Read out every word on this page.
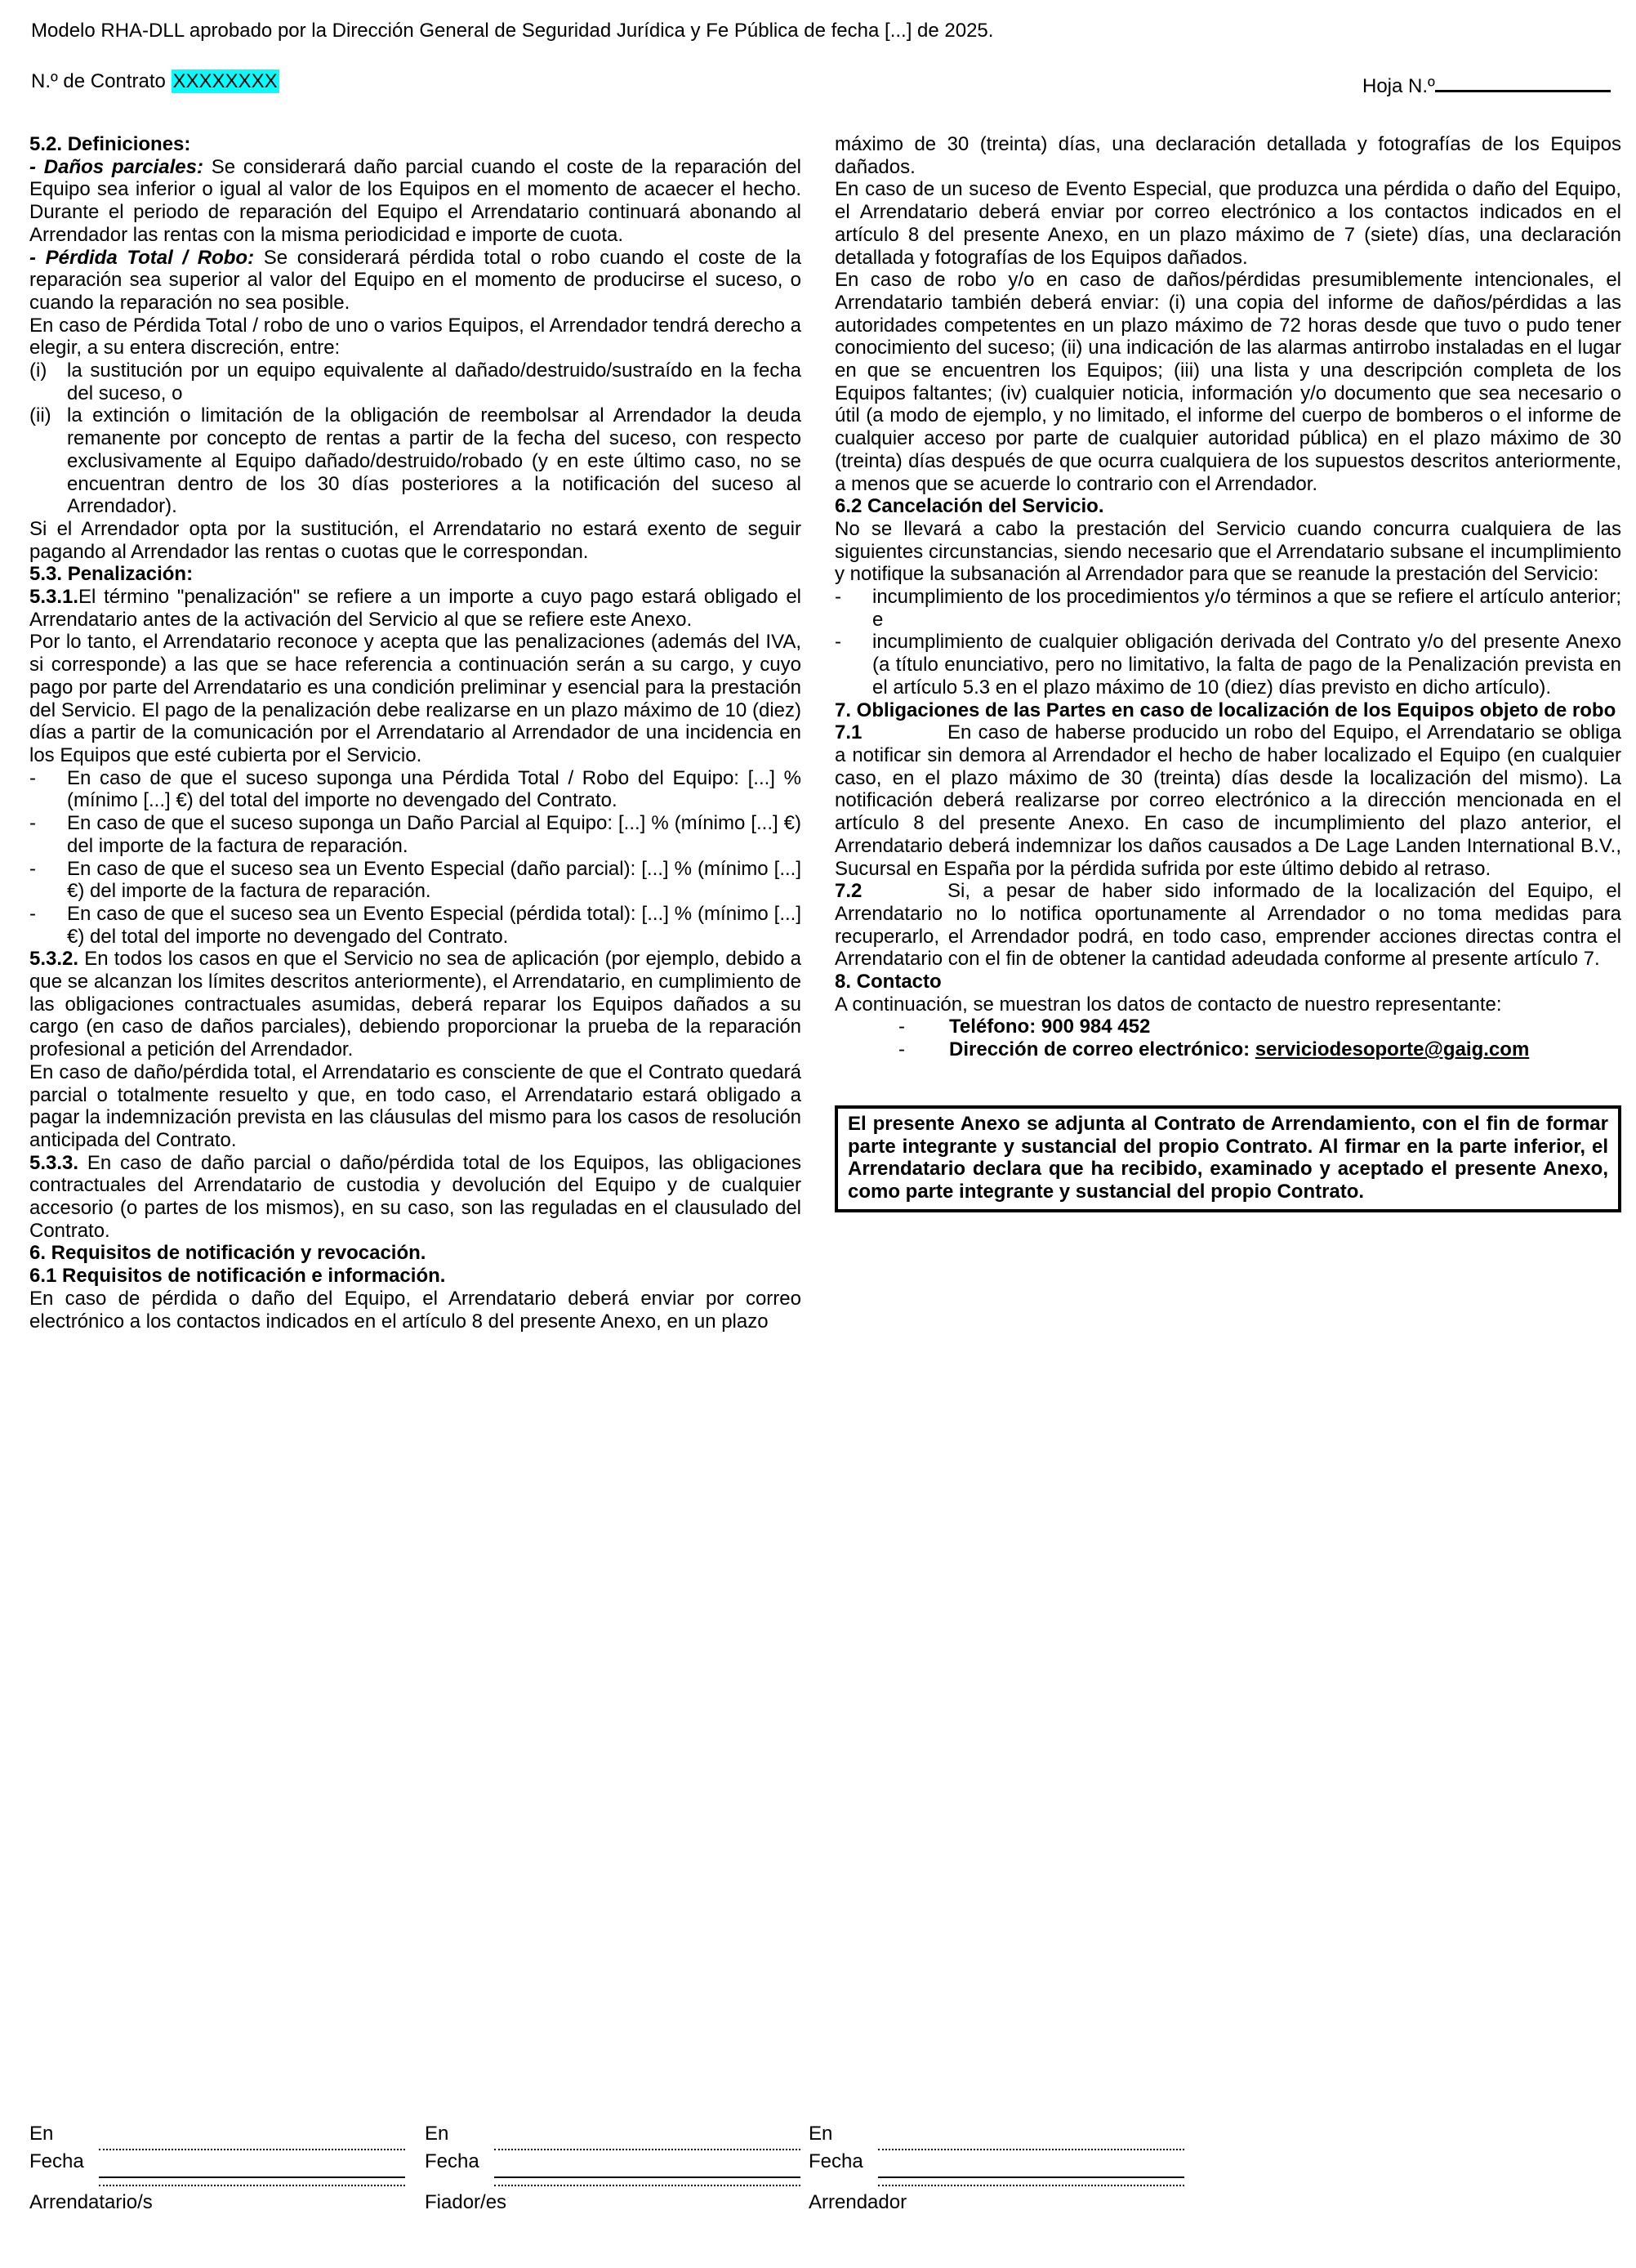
Modelo RHA-DLL aprobado por la Dirección General de Seguridad Jurídica y Fe Pública de fecha [...] de 2025.
N.º de Contrato XXXXXXXX	Hoja N.º
5.2. Definiciones:
- Daños parciales: Se considerará daño parcial cuando el coste de la reparación del Equipo sea inferior o igual al valor de los Equipos en el momento de acaecer el hecho. Durante el periodo de reparación del Equipo el Arrendatario continuará abonando al Arrendador las rentas con la misma periodicidad e importe de cuota.
- Pérdida Total / Robo: Se considerará pérdida total o robo cuando el coste de la reparación sea superior al valor del Equipo en el momento de producirse el suceso, o cuando la reparación no sea posible.
En caso de Pérdida Total / robo de uno o varios Equipos, el Arrendador tendrá derecho a elegir, a su entera discreción, entre:
(i) la sustitución por un equipo equivalente al dañado/destruido/sustraído en la fecha del suceso, o
(ii) la extinción o limitación de la obligación de reembolsar al Arrendador la deuda remanente por concepto de rentas a partir de la fecha del suceso, con respecto exclusivamente al Equipo dañado/destruido/robado (y en este último caso, no se encuentran dentro de los 30 días posteriores a la notificación del suceso al Arrendador).
Si el Arrendador opta por la sustitución, el Arrendatario no estará exento de seguir pagando al Arrendador las rentas o cuotas que le correspondan.
5.3. Penalización:
5.3.1.El término "penalización" se refiere a un importe a cuyo pago estará obligado el Arrendatario antes de la activación del Servicio al que se refiere este Anexo.
Por lo tanto, el Arrendatario reconoce y acepta que las penalizaciones (además del IVA, si corresponde) a las que se hace referencia a continuación serán a su cargo, y cuyo pago por parte del Arrendatario es una condición preliminar y esencial para la prestación del Servicio. El pago de la penalización debe realizarse en un plazo máximo de 10 (diez) días a partir de la comunicación por el Arrendatario al Arrendador de una incidencia en los Equipos que esté cubierta por el Servicio.
- En caso de que el suceso suponga una Pérdida Total / Robo del Equipo: [...] % (mínimo [...] €) del total del importe no devengado del Contrato.
- En caso de que el suceso suponga un Daño Parcial al Equipo: [...] % (mínimo [...] €) del importe de la factura de reparación.
- En caso de que el suceso sea un Evento Especial (daño parcial): [...] % (mínimo [...] €) del importe de la factura de reparación.
- En caso de que el suceso sea un Evento Especial (pérdida total): [...] % (mínimo [...] €) del total del importe no devengado del Contrato.
5.3.2. En todos los casos en que el Servicio no sea de aplicación (por ejemplo, debido a que se alcanzan los límites descritos anteriormente), el Arrendatario, en cumplimiento de las obligaciones contractuales asumidas, deberá reparar los Equipos dañados a su cargo (en caso de daños parciales), debiendo proporcionar la prueba de la reparación profesional a petición del Arrendador.
En caso de daño/pérdida total, el Arrendatario es consciente de que el Contrato quedará parcial o totalmente resuelto y que, en todo caso, el Arrendatario estará obligado a pagar la indemnización prevista en las cláusulas del mismo para los casos de resolución anticipada del Contrato.
5.3.3. En caso de daño parcial o daño/pérdida total de los Equipos, las obligaciones contractuales del Arrendatario de custodia y devolución del Equipo y de cualquier accesorio (o partes de los mismos), en su caso, son las reguladas en el clausulado del Contrato.
6. Requisitos de notificación y revocación.
6.1 Requisitos de notificación e información.
En caso de pérdida o daño del Equipo, el Arrendatario deberá enviar por correo electrónico a los contactos indicados en el artículo 8 del presente Anexo, en un plazo
máximo de 30 (treinta) días, una declaración detallada y fotografías de los Equipos dañados.
En caso de un suceso de Evento Especial, que produzca una pérdida o daño del Equipo, el Arrendatario deberá enviar por correo electrónico a los contactos indicados en el artículo 8 del presente Anexo, en un plazo máximo de 7 (siete) días, una declaración detallada y fotografías de los Equipos dañados.
En caso de robo y/o en caso de daños/pérdidas presumiblemente intencionales, el Arrendatario también deberá enviar: (i) una copia del informe de daños/pérdidas a las autoridades competentes en un plazo máximo de 72 horas desde que tuvo o pudo tener conocimiento del suceso; (ii) una indicación de las alarmas antirrobo instaladas en el lugar en que se encuentren los Equipos; (iii) una lista y una descripción completa de los Equipos faltantes; (iv) cualquier noticia, información y/o documento que sea necesario o útil (a modo de ejemplo, y no limitado, el informe del cuerpo de bomberos o el informe de cualquier acceso por parte de cualquier autoridad pública) en el plazo máximo de 30 (treinta) días después de que ocurra cualquiera de los supuestos descritos anteriormente, a menos que se acuerde lo contrario con el Arrendador.
6.2 Cancelación del Servicio.
No se llevará a cabo la prestación del Servicio cuando concurra cualquiera de las siguientes circunstancias, siendo necesario que el Arrendatario subsane el incumplimiento y notifique la subsanación al Arrendador para que se reanude la prestación del Servicio:
- incumplimiento de los procedimientos y/o términos a que se refiere el artículo anterior; e
- incumplimiento de cualquier obligación derivada del Contrato y/o del presente Anexo (a título enunciativo, pero no limitativo, la falta de pago de la Penalización prevista en el artículo 5.3 en el plazo máximo de 10 (diez) días previsto en dicho artículo).
7. Obligaciones de las Partes en caso de localización de los Equipos objeto de robo
7.1	En caso de haberse producido un robo del Equipo, el Arrendatario se obliga a notificar sin demora al Arrendador el hecho de haber localizado el Equipo (en cualquier caso, en el plazo máximo de 30 (treinta) días desde la localización del mismo). La notificación deberá realizarse por correo electrónico a la dirección mencionada en el artículo 8 del presente Anexo. En caso de incumplimiento del plazo anterior, el Arrendatario deberá indemnizar los daños causados a De Lage Landen International B.V., Sucursal en España por la pérdida sufrida por este último debido al retraso.
7.2	Si, a pesar de haber sido informado de la localización del Equipo, el Arrendatario no lo notifica oportunamente al Arrendador o no toma medidas para recuperarlo, el Arrendador podrá, en todo caso, emprender acciones directas contra el Arrendatario con el fin de obtener la cantidad adeudada conforme al presente artículo 7.
8. Contacto
A continuación, se muestran los datos de contacto de nuestro representante:
- Teléfono: 900 984 452
- Dirección de correo electrónico: serviciodesoporte@gaig.com
El presente Anexo se adjunta al Contrato de Arrendamiento, con el fin de formar parte integrante y sustancial del propio Contrato. Al firmar en la parte inferior, el Arrendatario declara que ha recibido, examinado y aceptado el presente Anexo, como parte integrante y sustancial del propio Contrato.
En
Fecha
Arrendatario/s
En
Fecha
Fiador/es
En
Fecha
Arrendador
